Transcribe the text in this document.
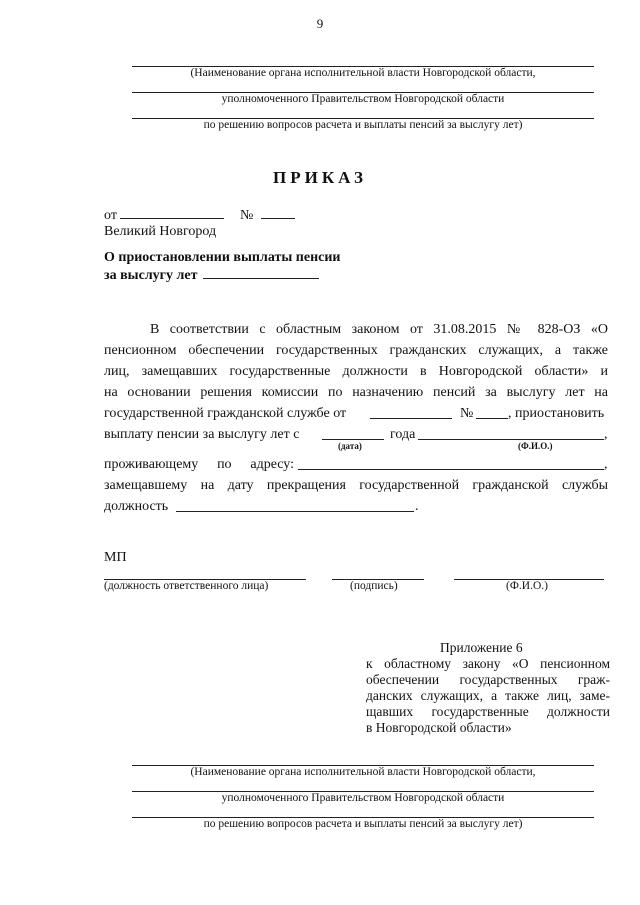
9
(Наименование органа исполнительной власти Новгородской области,
уполномоченного Правительством Новгородской области
по решению вопросов расчета и выплаты пенсий за выслугу лет)
ПРИКАЗ
от	№
Великий Новгород
О приостановлении выплаты пенсии
за выслугу лет
В соответствии с областным законом от 31.08.2015 № 828-ОЗ «О
пенсионном обеспечении государственных гражданских служащих, а также
лиц, замещавших государственные должности в Новгородской области» и
на основании решения комиссии по назначению пенсий за выслугу лет на
государственной гражданской службе от	№ , приостановить
выплату пенсии за выслугу лет с	года	,
(дата)	(Ф.И.О.)
проживающему по адресу:	,
замещавшему на дату прекращения государственной гражданской службы
должность	.
МП
(должность ответственного лица)	(подпись)	(Ф.И.О.)
Приложение 6
к областному закону «О пенсионном
обеспечении государственных граж-
данских служащих, а также лиц, заме-
щавших государственные должности
в Новгородской области»
(Наименование органа исполнительной власти Новгородской области,
уполномоченного Правительством Новгородской области
по решению вопросов расчета и выплаты пенсий за выслугу лет)
